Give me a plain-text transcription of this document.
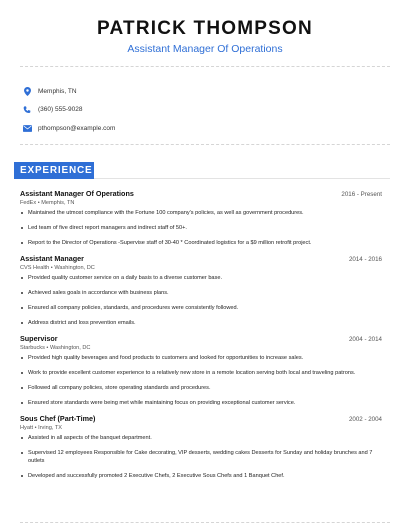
PATRICK THOMPSON
Assistant Manager Of Operations
Memphis, TN
(360) 555-9028
pthompson@example.com
EXPERIENCE
Assistant Manager Of Operations	2016 - Present
FedEx • Memphis, TN
Maintained the utmost compliance with the Fortune 100 company's policies, as well as government procedures.
Led team of five direct report managers and indirect staff of 50+.
Report to the Director of Operations -Supervise staff of 30-40 * Coordinated logistics for a $9 million retrofit project.
Assistant Manager	2014 - 2016
CVS Health • Washington, DC
Provided quality customer service on a daily basis to a diverse customer base.
Achieved sales goals in accordance with business plans.
Ensured all company policies, standards, and procedures were consistently followed.
Address district and loss prevention emails.
Supervisor	2004 - 2014
Starbucks • Washington, DC
Provided high quality beverages and food products to customers and looked for opportunities to increase sales.
Work to provide excellent customer experience to a relatively new store in a remote location serving both local and traveling patrons.
Followed all company policies, store operating standards and procedures.
Ensured store standards were being met while maintaining focus on providing exceptional customer service.
Sous Chef (Part-Time)	2002 - 2004
Hyatt • Irving, TX
Assisted in all aspects of the banquet department.
Supervised 12 employees Responsible for Cake decorating, VIP desserts, wedding cakes Desserts for Sunday and holiday brunches and 7 outlets
Developed and successfully promoted 2 Executive Chefs, 2 Executive Sous Chefs and 1 Banquet Chef.
